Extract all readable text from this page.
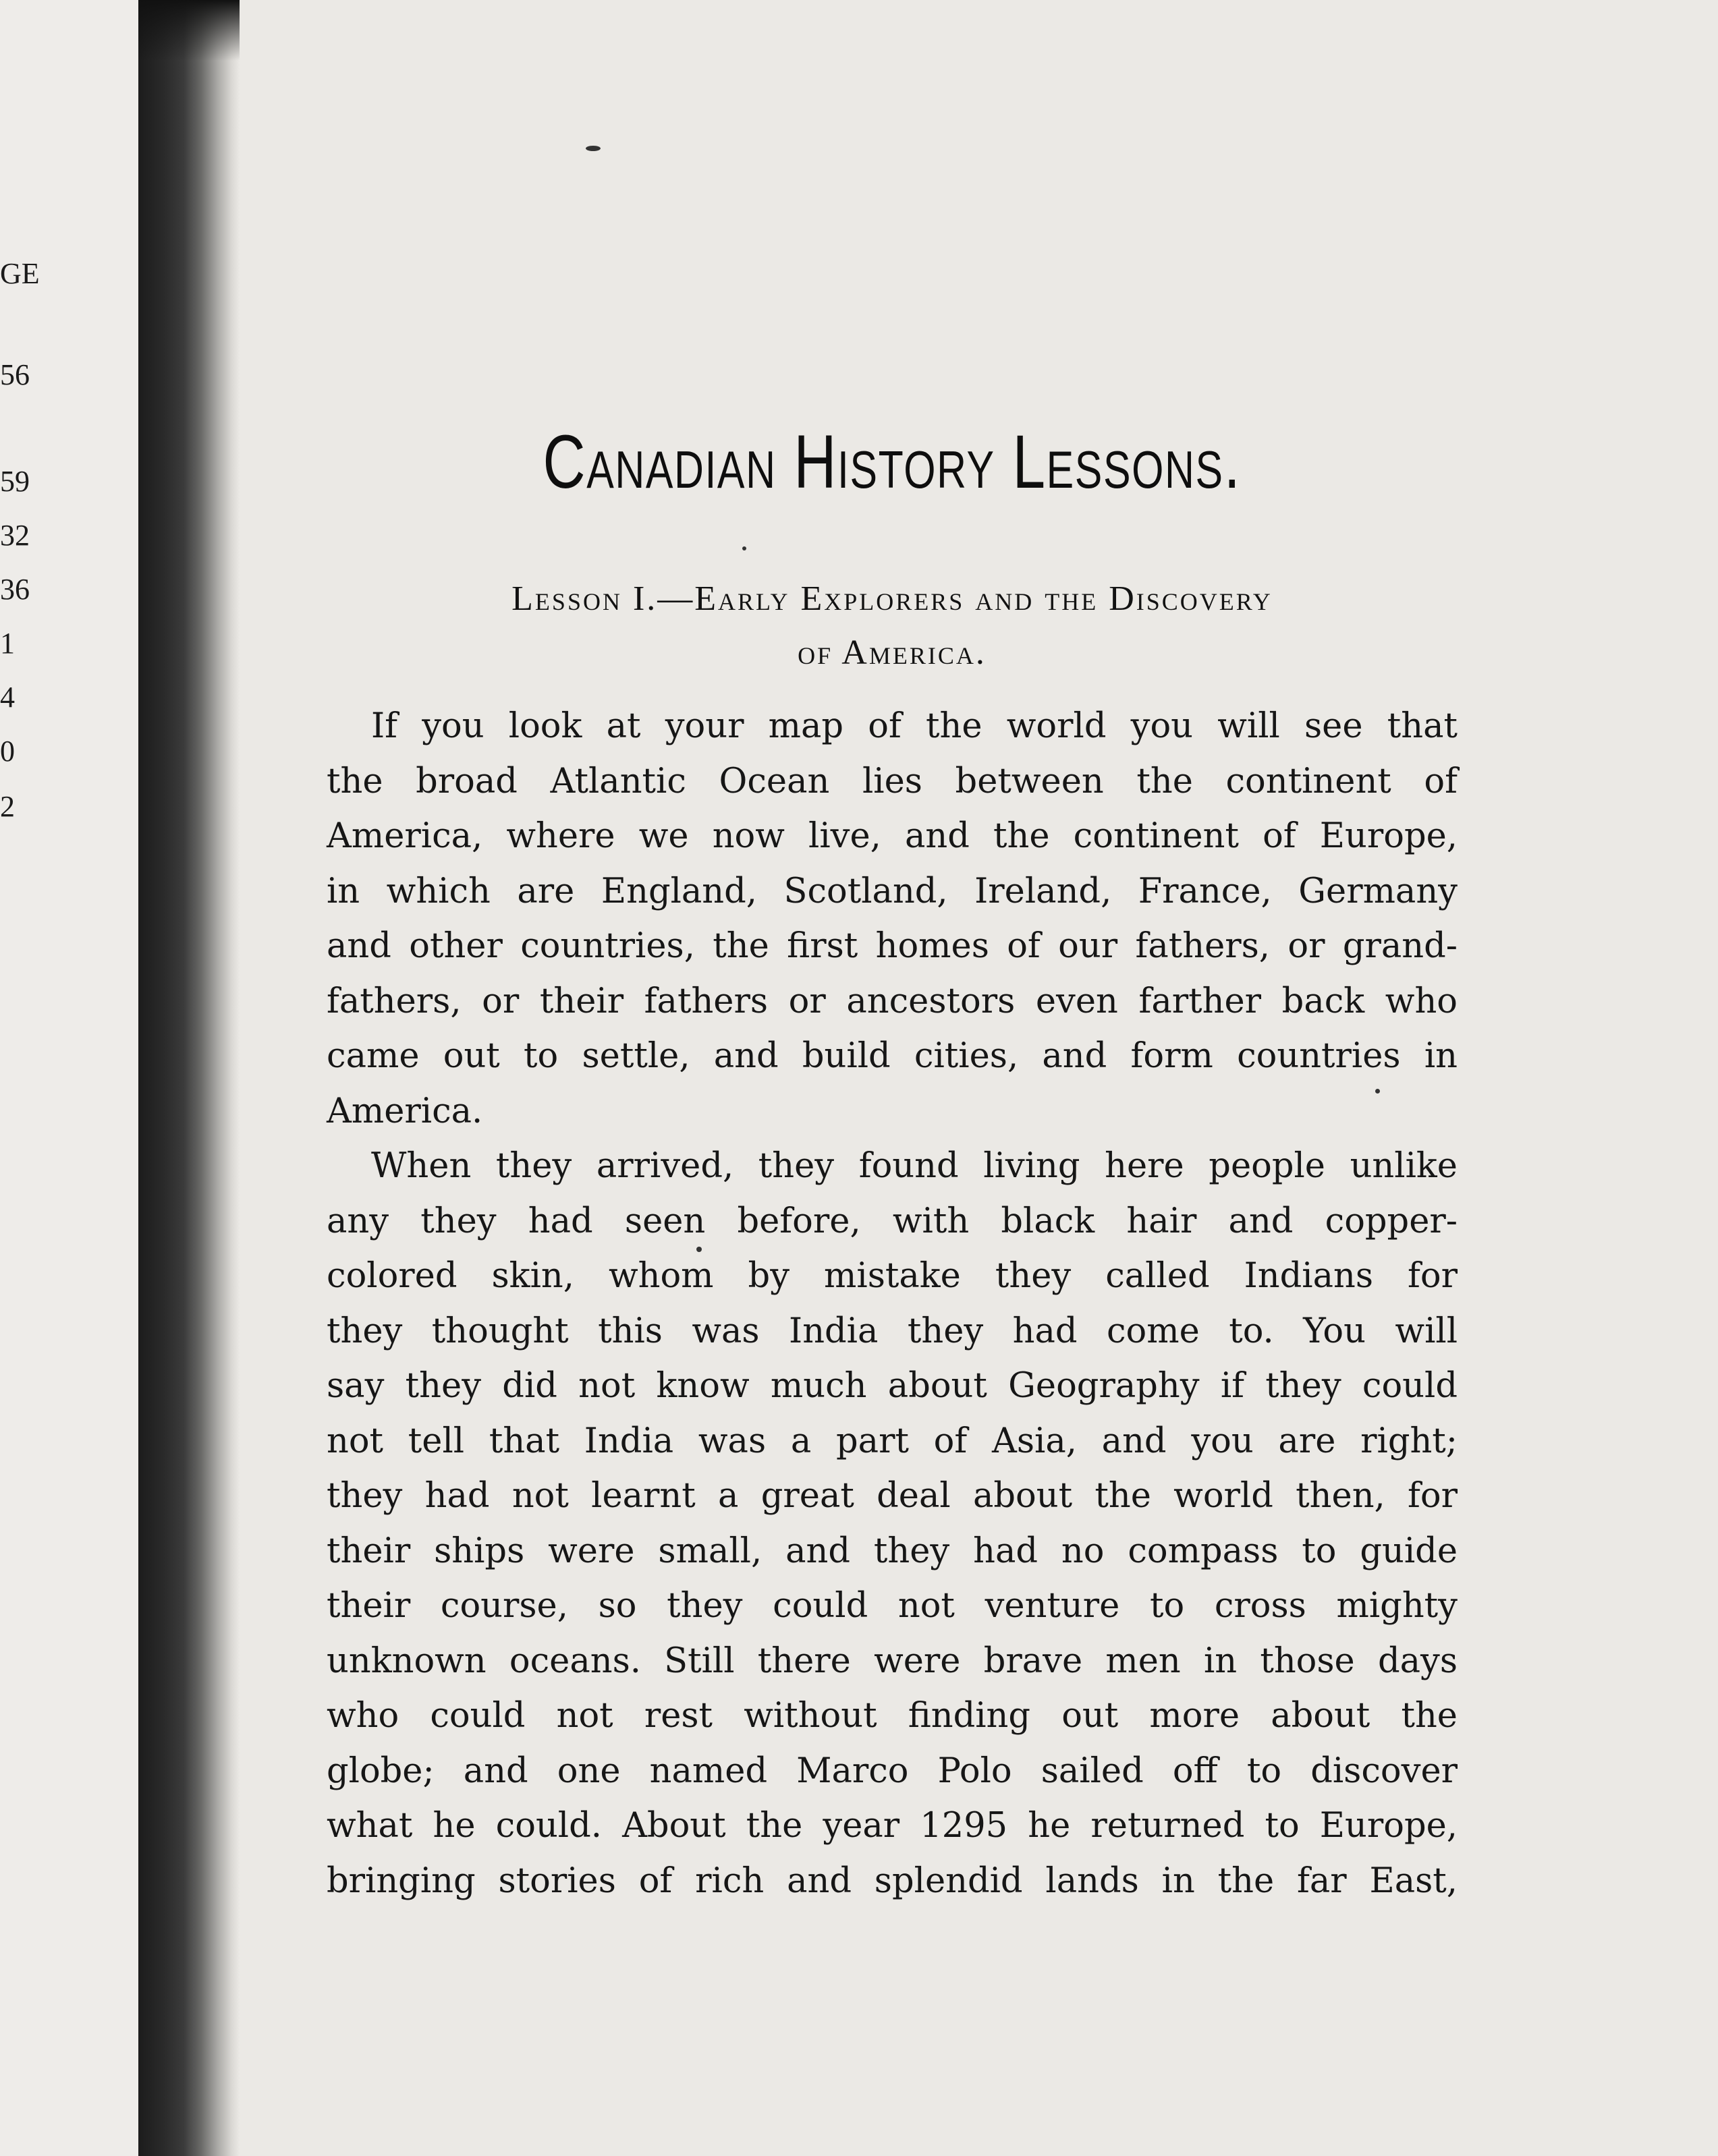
GE
56
59
32
36
1
4
0
2
Canadian History Lessons.
Lesson I.—Early Explorers and the Discovery
of America.
If you look at your map of the world you will see that
the broad Atlantic Ocean lies between the continent of
America, where we now live, and the continent of Europe,
in which are England, Scotland, Ireland, France, Germany
and other countries, the first homes of our fathers, or grand-
fathers, or their fathers or ancestors even farther back who
came out to settle, and build cities, and form countries in
America.
When they arrived, they found living here people unlike
any they had seen before, with black hair and copper-
colored skin, whom by mistake they called Indians for
they thought this was India they had come to. You will
say they did not know much about Geography if they could
not tell that India was a part of Asia, and you are right;
they had not learnt a great deal about the world then, for
their ships were small, and they had no compass to guide
their course, so they could not venture to cross mighty
unknown oceans. Still there were brave men in those days
who could not rest without finding out more about the
globe; and one named Marco Polo sailed off to discover
what he could. About the year 1295 he returned to Europe,
bringing stories of rich and splendid lands in the far East,
